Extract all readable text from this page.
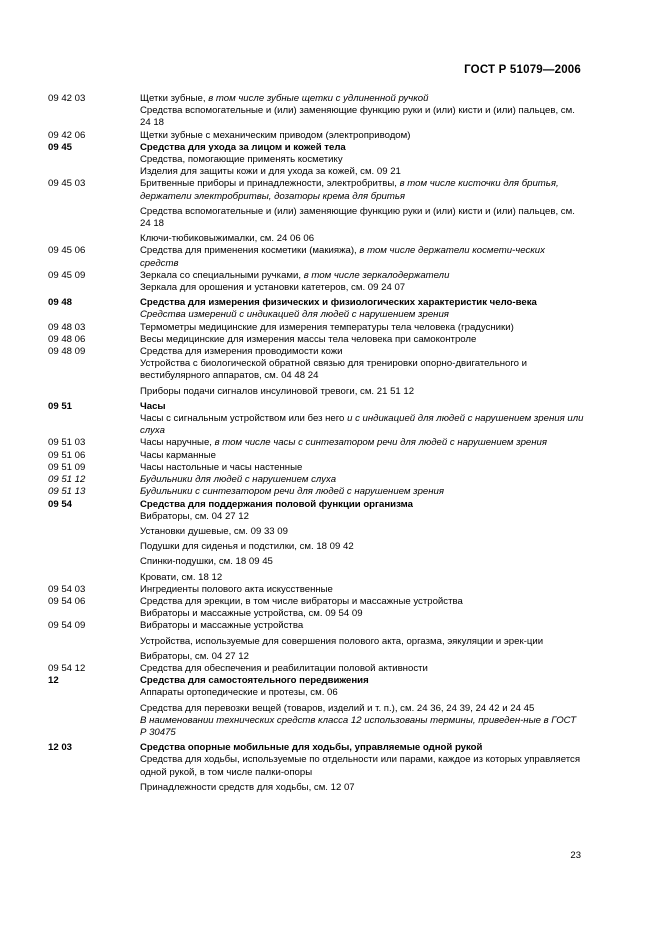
ГОСТ Р 51079—2006
09 42 03	Щетки зубные, в том числе зубные щетки с удлиненной ручкой
Средства вспомогательные и (или) заменяющие функцию руки и (или) кисти и (или) пальцев, см. 24 18
09 42 06	Щетки зубные с механическим приводом (электроприводом)
09 45	Средства для ухода за лицом и кожей тела
Средства, помогающие применять косметику
Изделия для защиты кожи и для ухода за кожей, см. 09 21
09 45 03	Бритвенные приборы и принадлежности, электробритвы, в том числе кисточки для бритья, держатели электробритвы, дозаторы крема для бритья
Средства вспомогательные и (или) заменяющие функцию руки и (или) кисти и (или) пальцев, см. 24 18
Ключи-тюбиковыжималки, см. 24 06 06
09 45 06	Средства для применения косметики (макияжа), в том числе держатели космети-ческих средств
09 45 09	Зеркала со специальными ручками, в том числе зеркалодержатели
Зеркала для орошения и установки катетеров, см. 09 24 07
09 48	Средства для измерения физических и физиологических характеристик чело-века
Средства измерений с индикацией для людей с нарушением зрения
09 48 03	Термометры медицинские для измерения температуры тела человека (градусники)
09 48 06	Весы медицинские для измерения массы тела человека при самоконтроле
09 48 09	Средства для измерения проводимости кожи
Устройства с биологической обратной связью для тренировки опорно-двигательного и вестибулярного аппаратов, см. 04 48 24
Приборы подачи сигналов инсулиновой тревоги, см. 21 51 12
09 51	Часы
Часы с сигнальным устройством или без него и с индикацией для людей с нарушением зрения или слуха
09 51 03	Часы наручные, в том числе часы с синтезатором речи для людей с нарушением зрения
09 51 06	Часы карманные
09 51 09	Часы настольные и часы настенные
09 51 12	Будильники для людей с нарушением слуха
09 51 13	Будильники с синтезатором речи для людей с нарушением зрения
09 54	Средства для поддержания половой функции организма
Вибраторы, см. 04 27 12
Установки душевые, см. 09 33 09
Подушки для сиденья и подстилки, см. 18 09 42
Спинки-подушки, см. 18 09 45
Кровати, см. 18 12
09 54 03	Ингредиенты полового акта искусственные
09 54 06	Средства для эрекции, в том числе вибраторы и массажные устройства
Вибраторы и массажные устройства, см. 09 54 09
09 54 09	Вибраторы и массажные устройства
Устройства, используемые для совершения полового акта, оргазма, эякуляции и эрек-ции
Вибраторы, см. 04 27 12
09 54 12	Средства для обеспечения и реабилитации половой активности
12	Средства для самостоятельного передвижения
Аппараты ортопедические и протезы, см. 06
Средства для перевозки вещей (товаров, изделий и т. п.), см. 24 36, 24 39, 24 42 и 24 45
В наименовании технических средств класса 12 использованы термины, приведен-ные в ГОСТ Р 30475
12 03	Средства опорные мобильные для ходьбы, управляемые одной рукой
Средства для ходьбы, используемые по отдельности или парами, каждое из которых управляется одной рукой, в том числе палки-опоры
Принадлежности средств для ходьбы, см. 12 07
23
